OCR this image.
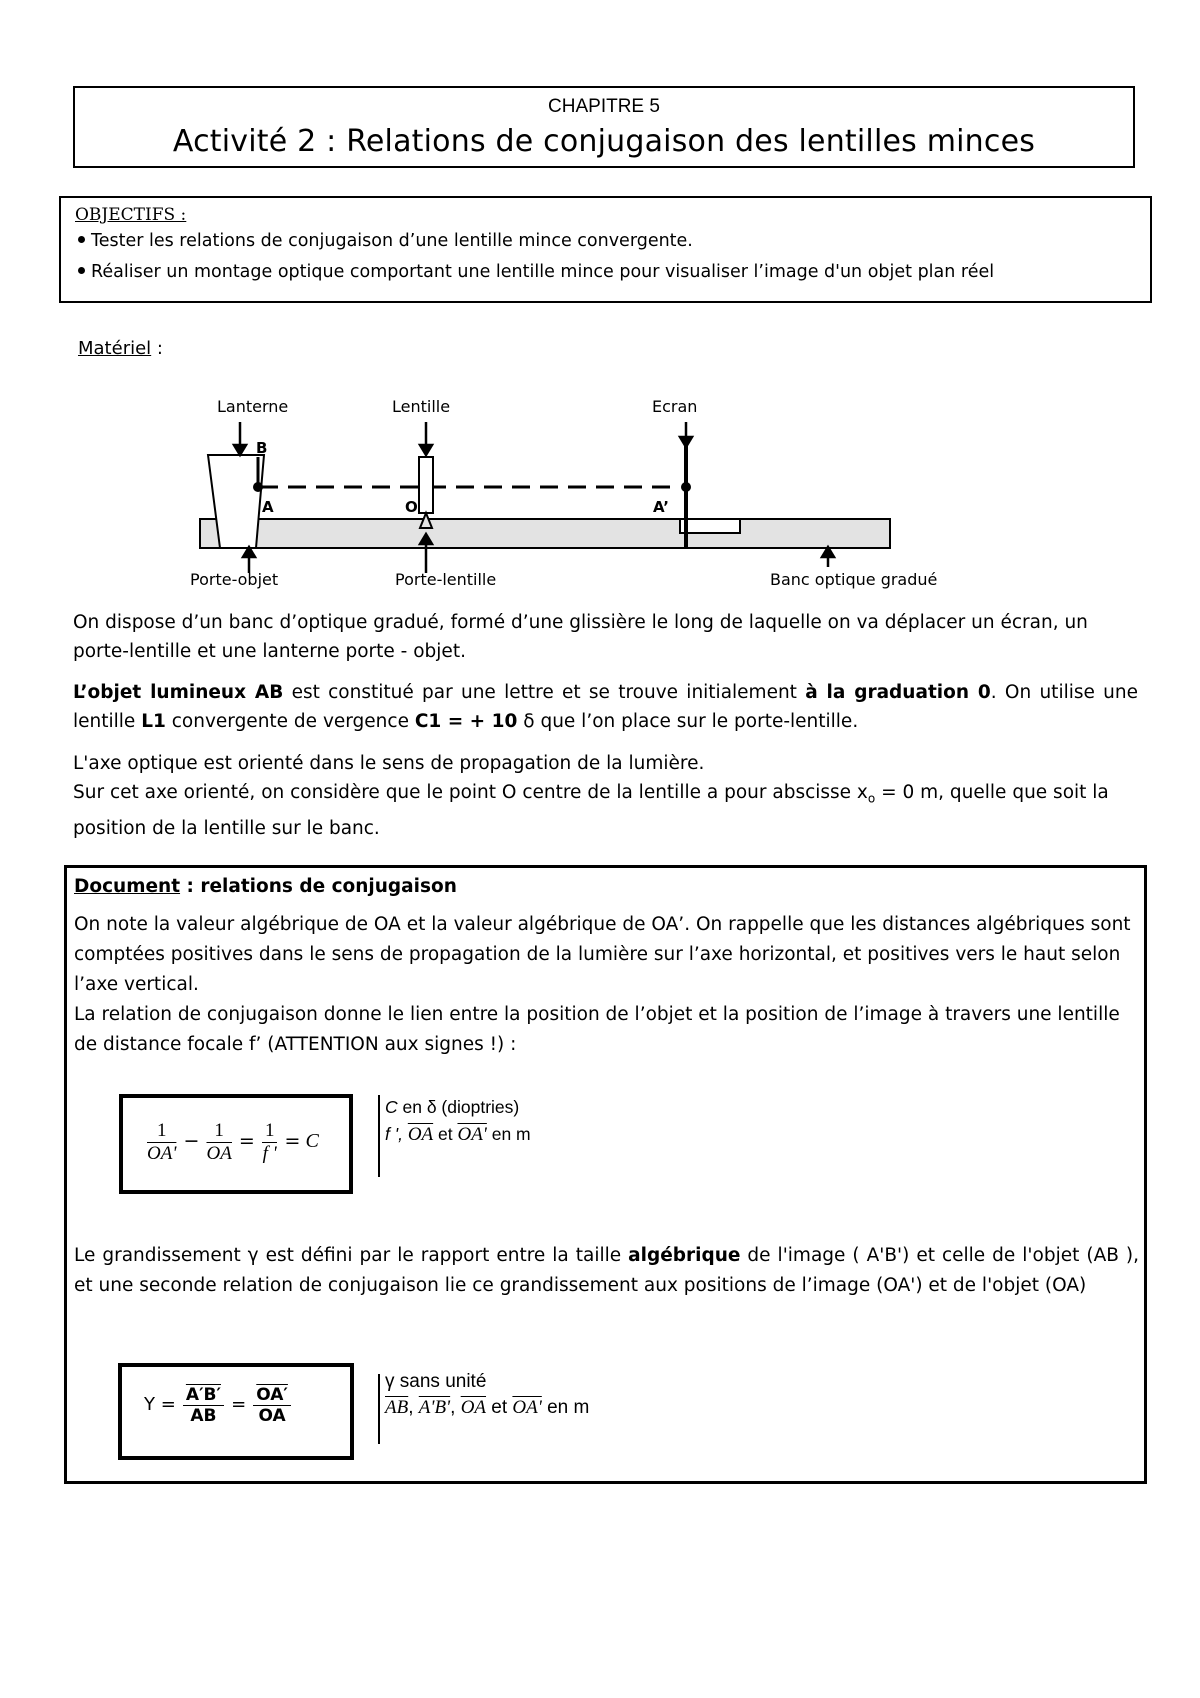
CHAPITRE 5
Activité 2 : Relations de conjugaison des lentilles minces
OBJECTIFS :
Tester les relations de conjugaison d’une lentille mince convergente.
Réaliser un montage optique comportant une lentille mince pour visualiser l’image d'un objet plan réel
Matériel :
Lanterne	Lentille	Ecran
Porte-objet	Porte-lentille	Banc optique gradué
B
A	O	A’
On dispose d’un banc d’optique gradué, formé d’une glissière le long de laquelle on va déplacer un écran, un porte-lentille et une lanterne porte - objet.
L’objet lumineux AB est constitué par une lettre et se trouve initialement à la graduation 0. On utilise une lentille L1 convergente de vergence C1 = + 10 δ que l’on place sur le porte-lentille.
L'axe optique est orienté dans le sens de propagation de la lumière.
Sur cet axe orienté, on considère que le point O centre de la lentille a pour abscisse $x_o = 0$ m, quelle que soit la position de la lentille sur le banc.
Document : relations de conjugaison
On note la valeur algébrique de OA et la valeur algébrique de OA’. On rappelle que les distances algébriques sont comptées positives dans le sens de propagation de la lumière sur l’axe horizontal, et positives vers le haut selon l’axe vertical.
La relation de conjugaison donne le lien entre la position de l’objet et la position de l’image à travers une lentille de distance focale f’ (ATTENTION aux signes !) :
$\frac{1}{OA'} - \frac{1}{OA} = \frac{1}{f '} = C$
C en δ (dioptries)
f ', $\overline{OA}$ et OA' en m
Le grandissement γ est défini par le rapport entre la taille algébrique de l'image ( A'B') et celle de l'objet (AB ), et une seconde relation de conjugaison lie ce grandissement aux positions de l’image (OA') et de l'objet (OA)
$\Upsilon = \frac{A'B'}{AB} = \frac{OA'}{OA}$
γ sans unité
$\overline{AB}$, A'B', $\overline{OA}$ et OA' en m
